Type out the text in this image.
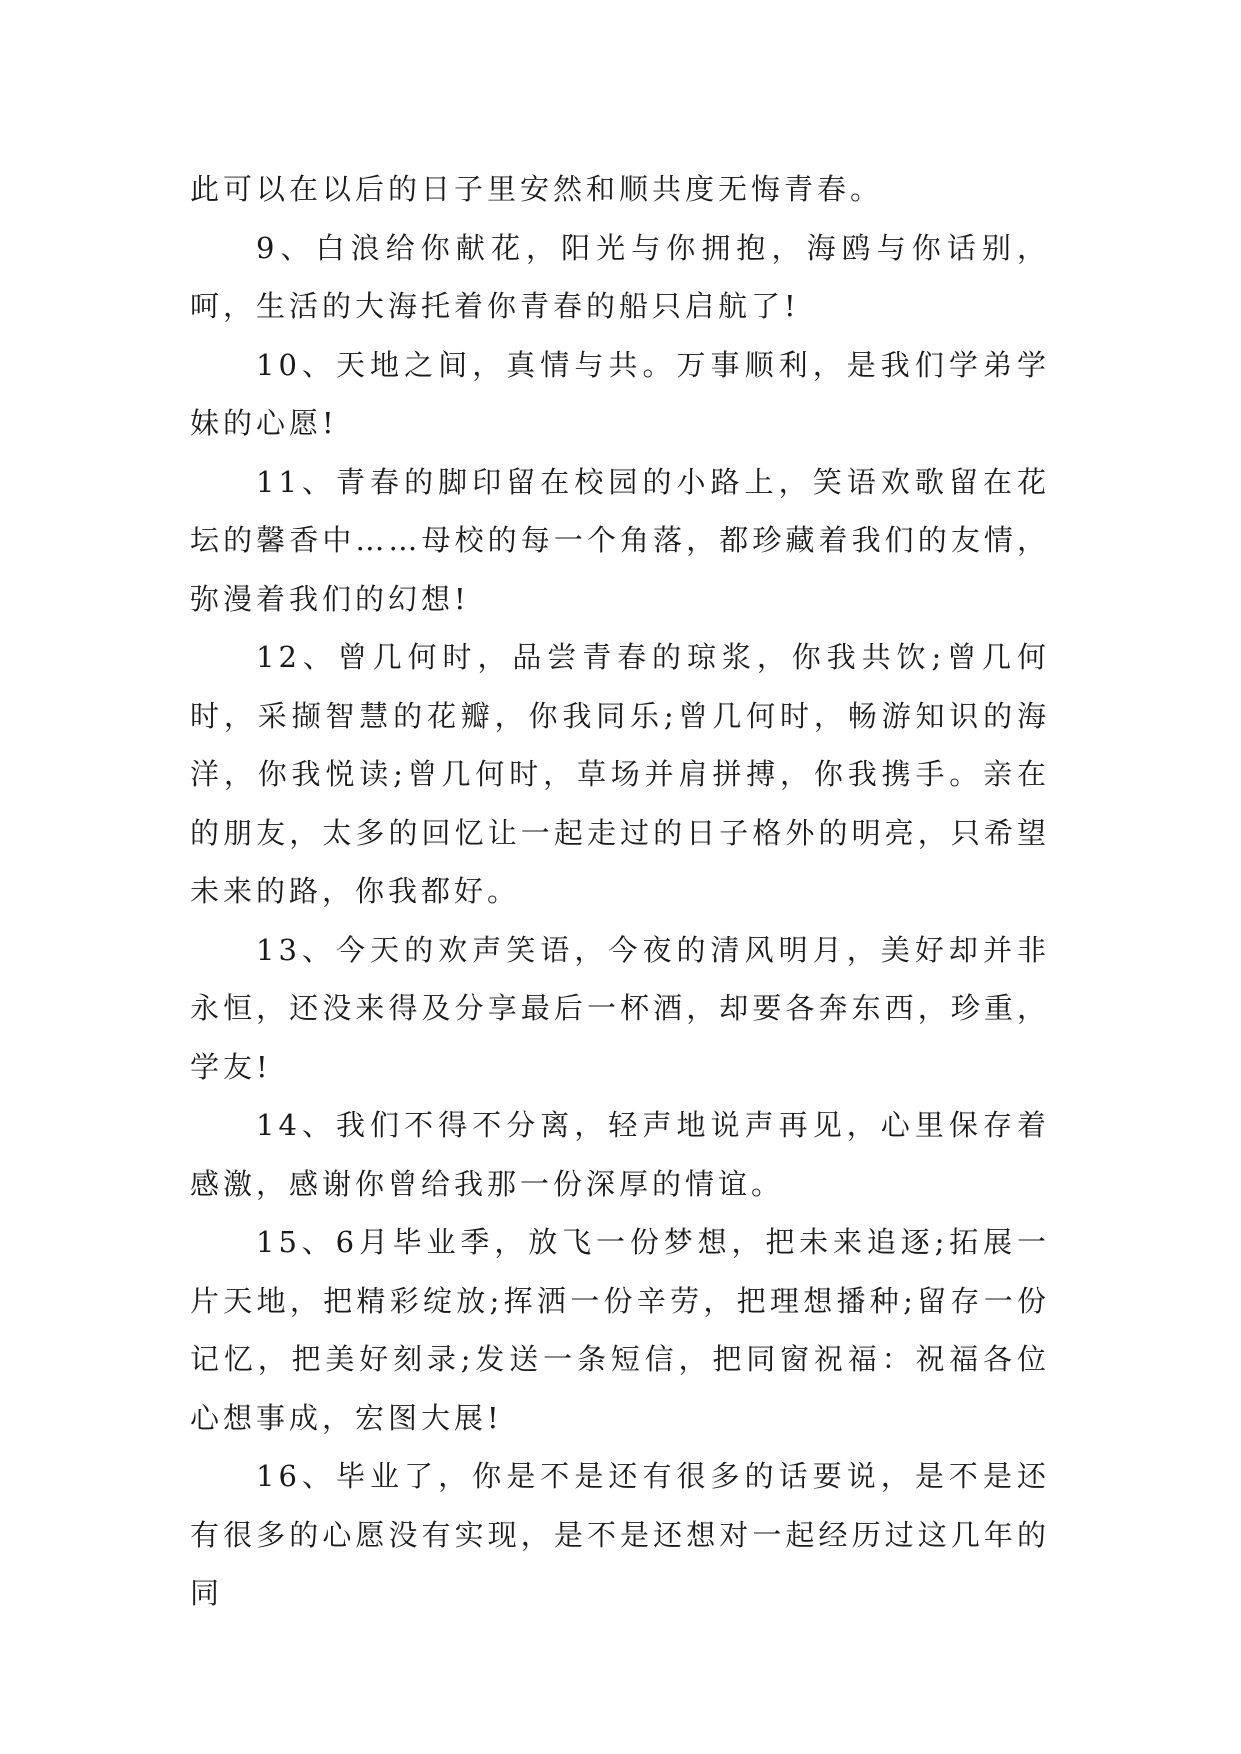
此可以在以后的日子里安然和顺共度无悔青春。

9、白浪给你献花，阳光与你拥抱，海鸥与你话别，呵，生活的大海托着你青春的船只启航了!

10、天地之间，真情与共。万事顺利，是我们学弟学妹的心愿!

11、青春的脚印留在校园的小路上，笑语欢歌留在花坛的馨香中……母校的每一个角落，都珍藏着我们的友情，弥漫着我们的幻想!

12、曾几何时，品尝青春的琼浆，你我共饮;曾几何时，采撷智慧的花瓣，你我同乐;曾几何时，畅游知识的海洋，你我悦读;曾几何时，草场并肩拼搏，你我携手。亲在的朋友，太多的回忆让一起走过的日子格外的明亮，只希望未来的路，你我都好。

13、今天的欢声笑语，今夜的清风明月，美好却并非永恒，还没来得及分享最后一杯酒，却要各奔东西，珍重，学友!

14、我们不得不分离，轻声地说声再见，心里保存着感激，感谢你曾给我那一份深厚的情谊。

15、6月毕业季，放飞一份梦想，把未来追逐;拓展一片天地，把精彩绽放;挥洒一份辛劳，把理想播种;留存一份记忆，把美好刻录;发送一条短信，把同窗祝福：祝福各位心想事成，宏图大展!

16、毕业了，你是不是还有很多的话要说，是不是还有很多的心愿没有实现，是不是还想对一起经历过这几年的同
